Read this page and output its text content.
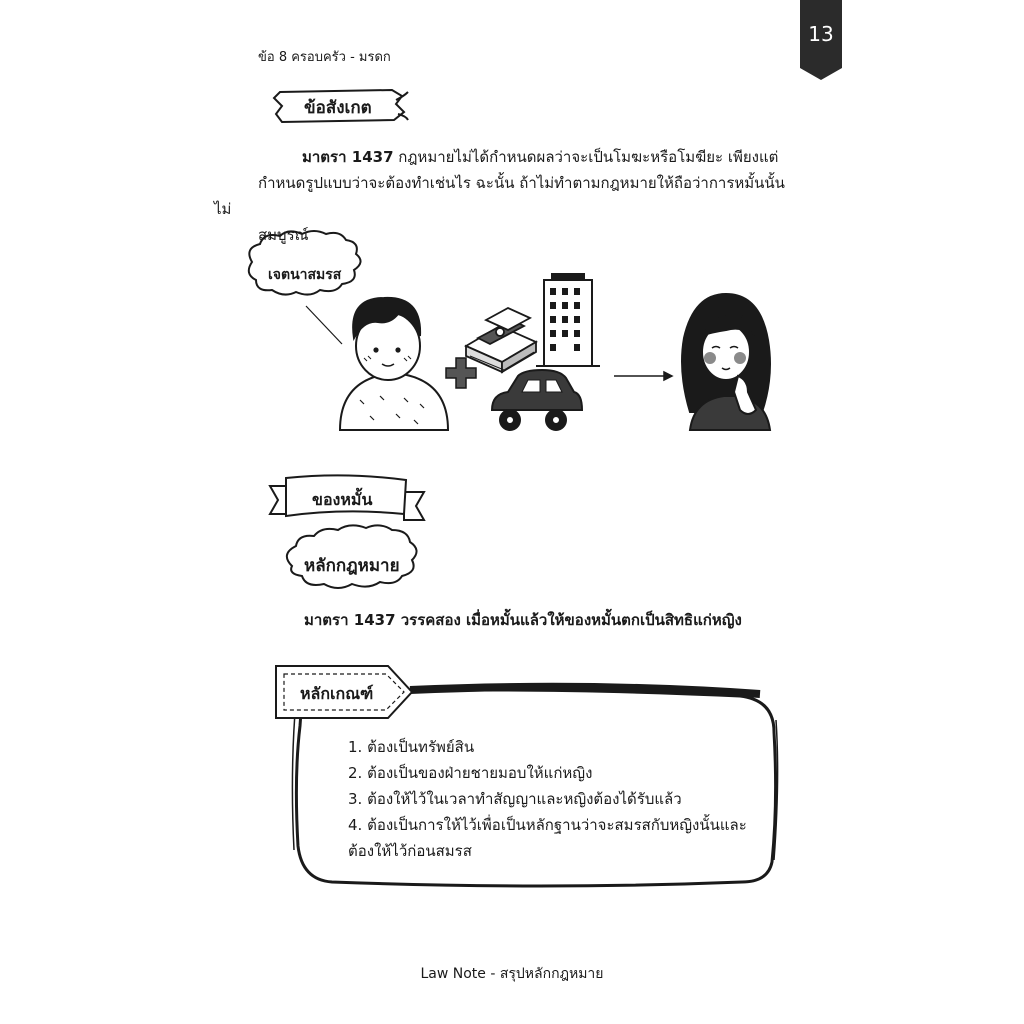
13
ข้อ 8 ครอบครัว - มรดก
ข้อสังเกต
มาตรา 1437 กฎหมายไม่ได้กำหนดผลว่าจะเป็นโมฆะหรือโมฆียะ เพียงแต่
กำหนดรูปแบบว่าจะต้องทำเช่นไร ฉะนั้น ถ้าไม่ทำตามกฎหมายให้ถือว่าการหมั้นนั้นไม่
สมบูรณ์
เจตนาสมรส
ของหมั้น
หลักกฎหมาย
มาตรา 1437 วรรคสอง เมื่อหมั้นแล้วให้ของหมั้นตกเป็นสิทธิแก่หญิง
หลักเกณฑ์
1. ต้องเป็นทรัพย์สิน
2. ต้องเป็นของฝ่ายชายมอบให้แก่หญิง
3. ต้องให้ไว้ในเวลาทำสัญญาและหญิงต้องได้รับแล้ว
4. ต้องเป็นการให้ไว้เพื่อเป็นหลักฐานว่าจะสมรสกับหญิงนั้นและ
ต้องให้ไว้ก่อนสมรส
Law Note - สรุปหลักกฎหมาย
